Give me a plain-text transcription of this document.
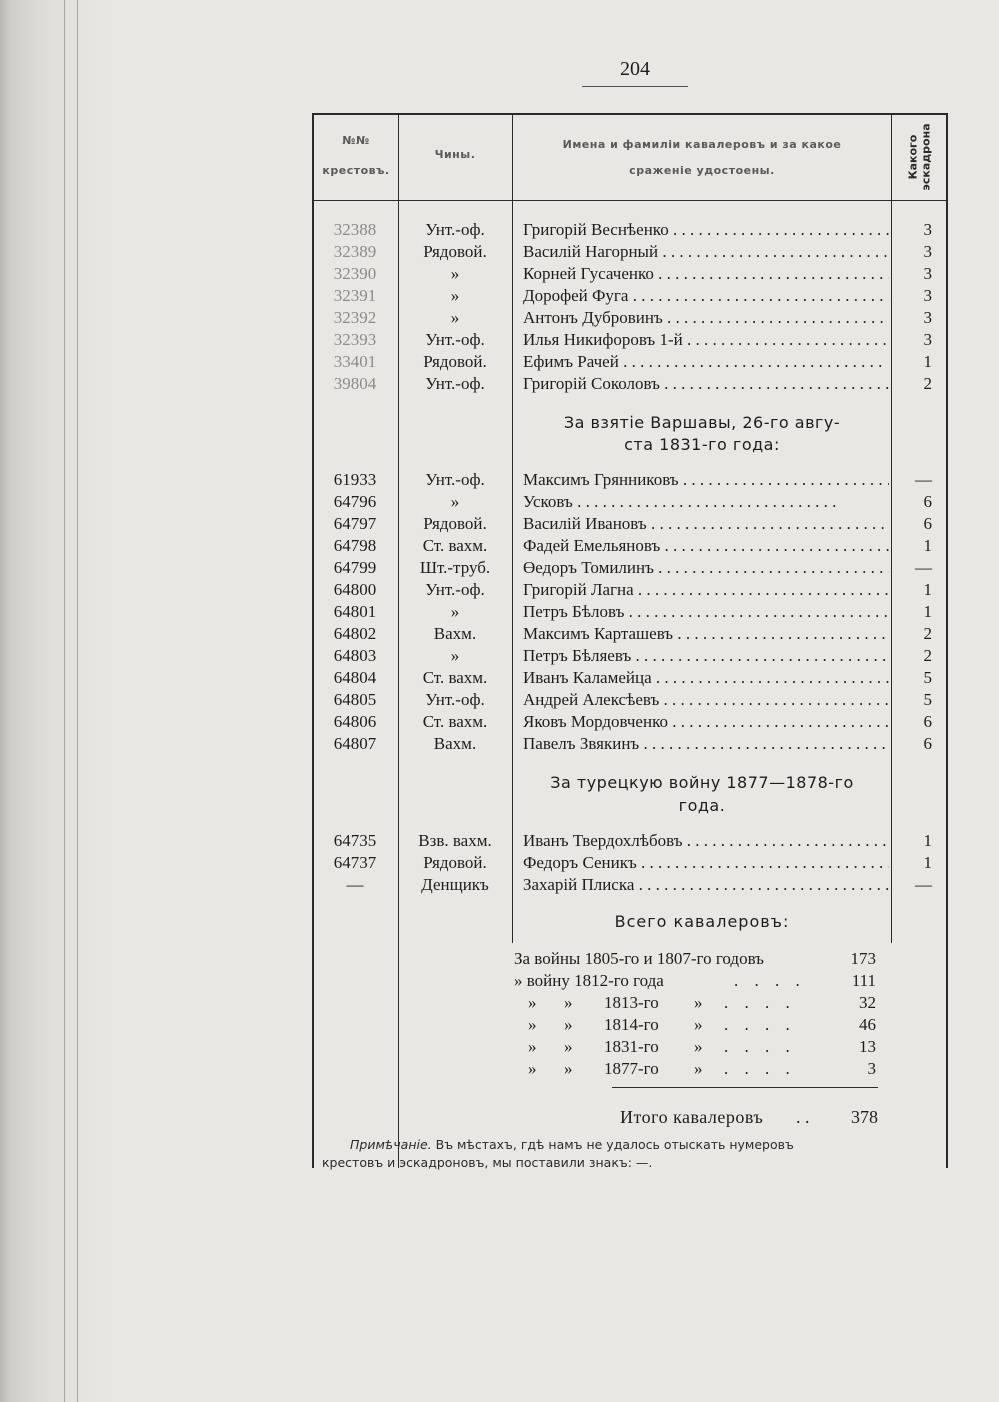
204
№№
крестовъ.
Чины.
Имена и фамиліи кавалеровъ и за какое
сраженіе удостоены.	Какого
эскадрона
32388	Унт.-оф.	Григорій Веснѣенко . . .	3
32389	Рядовой.	Василій Нагорный . . .	3
32390	»	Корней Гусаченко . . .	3
32391	»	Дорофей Фуга . . .	3
32392	»	Антонъ Дубровинъ . . .	3
32393	Унт.-оф.	Илья Никифоровъ 1-й . . .	3
33401	Рядовой.	Ефимъ Рачей . . .	1
39804	Унт.-оф.	Григорій Соколовъ . . .	2
За взятіе Варшавы, 26-го авгу-
ста 1831-го года:
61933	Унт.-оф.	Максимъ Грянниковъ . . .	—
64796	»	Усковъ . . .	6
64797	Рядовой.	Василій Ивановъ . . .	6
64798	Ст. вахм.	Фадей Емельяновъ . . .	1
64799	Шт.-труб.	Өедоръ Томилинъ . . .	—
64800	Унт.-оф.	Григорій Лагна . . .	1
64801	»	Петръ Бѣловъ . . .	1
64802	Вахм.	Максимъ Карташевъ . . .	2
64803	»	Петръ Бѣляевъ . . .	2
64804	Ст. вахм.	Иванъ Каламейца . . .	5
64805	Унт.-оф.	Андрей Алексѣевъ . . .	5
64806	Ст. вахм.	Яковъ Мордовченко . . .	6
64807	Вахм.	Павелъ Звякинъ . . .	6
За турецкую войну 1877—1878-го
года.
64735	Взв. вахм.	Иванъ Твердохлѣбовъ . . .	1
64737	Рядовой.	Федоръ Сеникъ . . .	1
—	Денщикъ	Захарій Плиска . . .	—
Всего кавалеровъ:
За войны 1805-го и 1807-го годовъ	173
» войну 1812-го года	. . . .	111
» » 1813-го » . . . .	32
» » 1814-го » . . . .	46
» » 1831-го » . . . .	13
» » 1877-го » . . . .	3
Итого кавалеровъ . . 378
Примѣчаніе. Въ мѣстахъ, гдѣ намъ не удалось отыскать нумеровъ
крестовъ и эскадроновъ, мы поставили знакъ: —.
